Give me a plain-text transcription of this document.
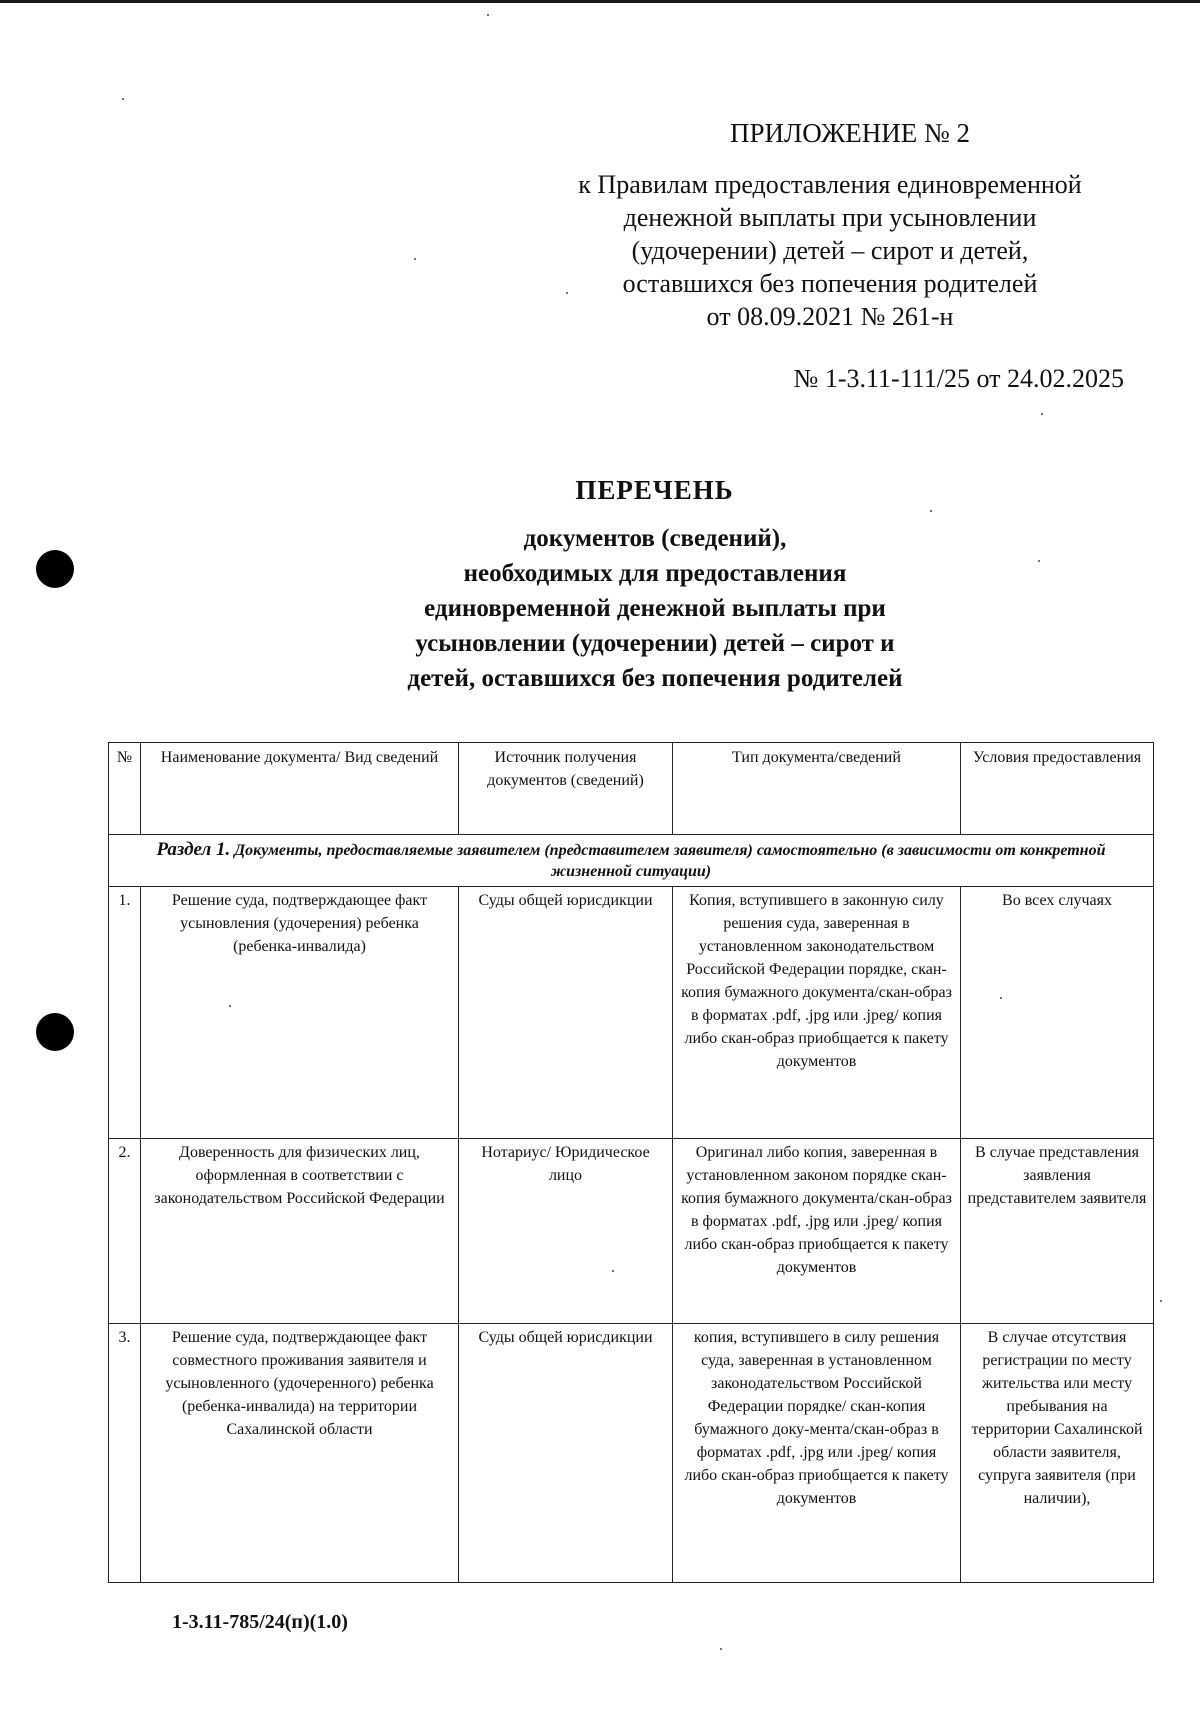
ПРИЛОЖЕНИЕ № 2
к Правилам предоставления единовременной
денежной выплаты при усыновлении
(удочерении) детей – сирот и детей,
оставшихся без попечения родителей
от 08.09.2021 № 261-н
№ 1-3.11-111/25 от 24.02.2025
ПЕРЕЧЕНЬ
документов (сведений),
необходимых для предоставления
единовременной денежной выплаты при
усыновлении (удочерении) детей – сирот и
детей, оставшихся без попечения родителей
№	Наименование документа/ Вид сведений	Источник получения документов (сведений)	Тип документа/сведений	Условия предоставления
Раздел 1. Документы, предоставляемые заявителем (представителем заявителя) самостоятельно (в зависимости от конкретной жизненной ситуации)				
1.	Решение суда, подтверждающее факт усыновления (удочерения) ребенка (ребенка-инвалида)	Суды общей юрисдикции	Копия, вступившего в законную силу решения суда, заверенная в установленном законодательством Российской Федерации порядке, скан-копия бумажного документа/скан-образ в форматах .pdf, .jpg или .jpeg/ копия либо скан-образ приобщается к пакету документов	Во всех случаях
2.	Доверенность для физических лиц, оформленная в соответствии с законодательством Российской Федерации	Нотариус/ Юридическое лицо	Оригинал либо копия, заверенная в установленном законом порядке скан-копия бумажного документа/скан-образ в форматах .pdf, .jpg или .jpeg/ копия либо скан-образ приобщается к пакету документов	В случае представления заявления представителем заявителя
3.	Решение суда, подтверждающее факт совместного проживания заявителя и усыновленного (удочеренного) ребенка (ребенка-инвалида) на территории Сахалинской области	Суды общей юрисдикции	копия, вступившего в силу решения суда, заверенная в установленном законодательством Российской Федерации порядке/ скан-копия бумажного доку-мента/скан-образ в форматах .pdf, .jpg или .jpeg/ копия либо скан-образ приобщается к пакету документов	В случае отсутствия регистрации по месту жительства или месту пребывания на территории Сахалинской области заявителя, супруга заявителя (при наличии),
1-3.11-785/24(п)(1.0)
